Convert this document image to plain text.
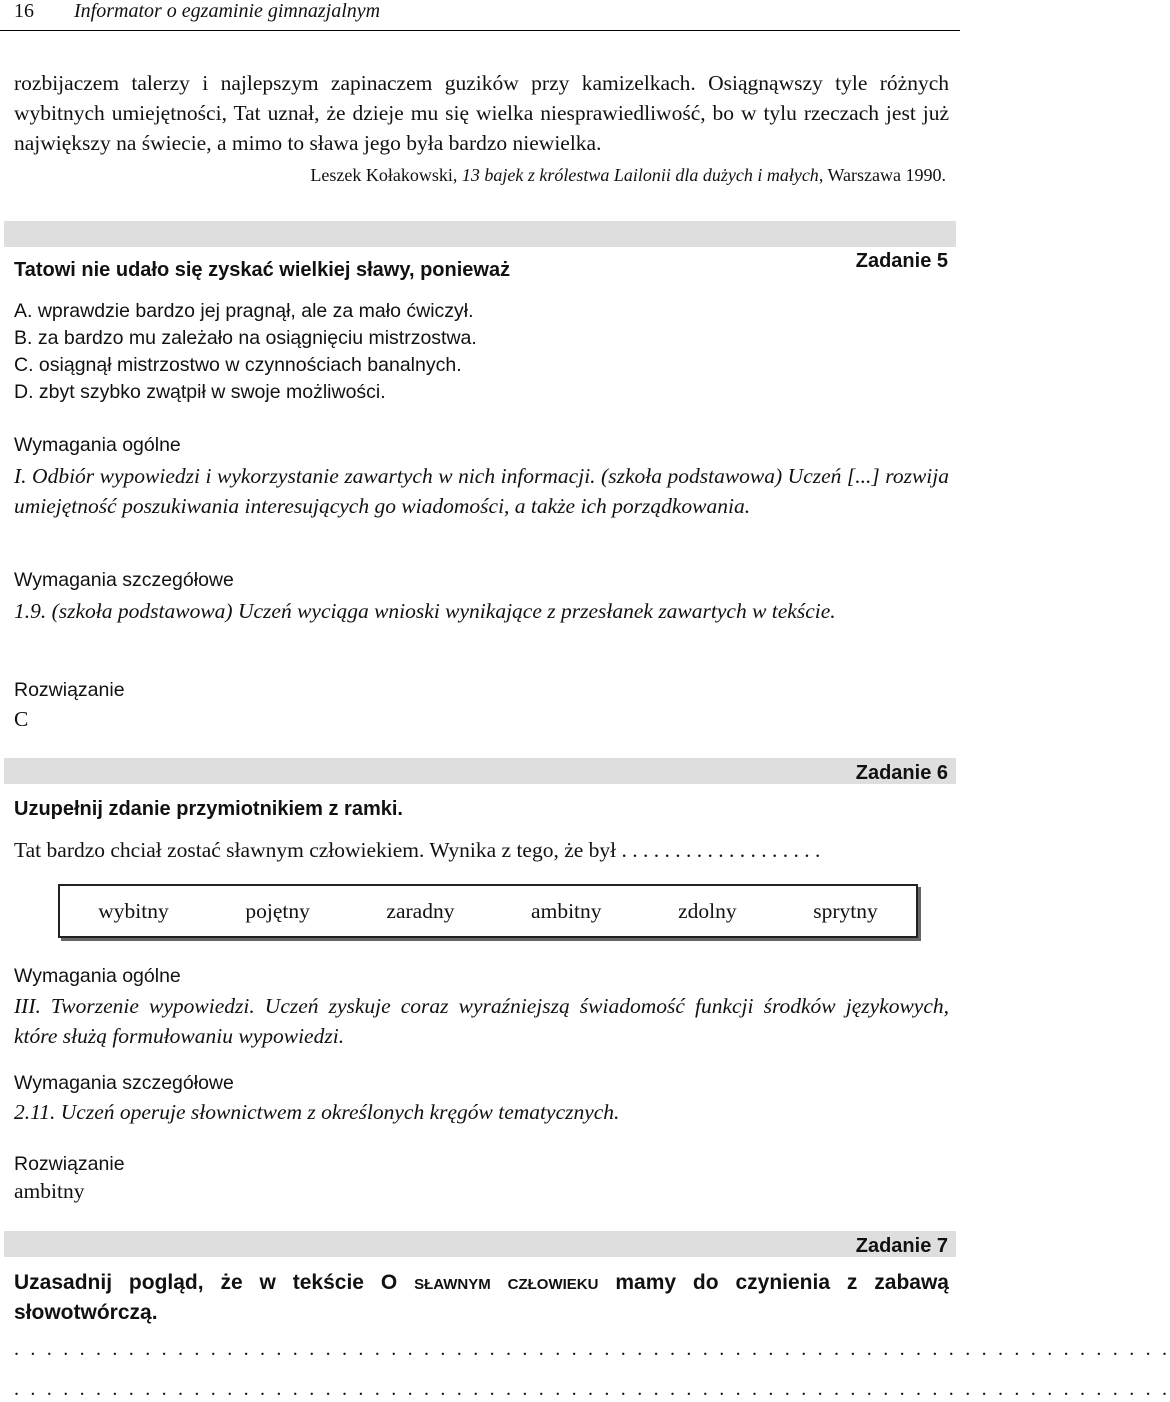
16 Informator o egzaminie gimnazjalnym
rozbijaczem talerzy i najlepszym zapinaczem guzików przy kamizelkach. Osiągnąwszy tyle różnych wybitnych umiejętności, Tat uznał, że dzieje mu się wielka niesprawiedliwość, bo w tylu rzeczach jest już największy na świecie, a mimo to sława jego była bardzo niewielka.
Leszek Kołakowski, 13 bajek z królestwa Lailonii dla dużych i małych, Warszawa 1990.
Zadanie 5
Tatowi nie udało się zyskać wielkiej sławy, ponieważ
A. wprawdzie bardzo jej pragnął, ale za mało ćwiczył.
B. za bardzo mu zależało na osiągnięciu mistrzostwa.
C. osiągnął mistrzostwo w czynnościach banalnych.
D. zbyt szybko zwątpił w swoje możliwości.
Wymagania ogólne
I. Odbiór wypowiedzi i wykorzystanie zawartych w nich informacji. (szkoła podstawowa) Uczeń [...] rozwija umiejętność poszukiwania interesujących go wiadomości, a także ich porządkowania.
Wymagania szczegółowe
1.9. (szkoła podstawowa) Uczeń wyciąga wnioski wynikające z przesłanek zawartych w tekście.
Rozwiązanie
C
Zadanie 6
Uzupełnij zdanie przymiotnikiem z ramki.
Tat bardzo chciał zostać sławnym człowiekiem. Wynika z tego, że był . . . . . . . . . . . . . . . . . . .
wybitny	pojętny	zaradny	ambitny	zdolny	sprytny
Wymagania ogólne
III. Tworzenie wypowiedzi. Uczeń zyskuje coraz wyraźniejszą świadomość funkcji środków językowych, które służą formułowaniu wypowiedzi.
Wymagania szczegółowe
2.11. Uczeń operuje słownictwem z określonych kręgów tematycznych.
Rozwiązanie
ambitny
Zadanie 7
Uzasadnij pogląd, że w tekście O sławnym człowieku mamy do czynienia z zabawą słowotwórczą.
. . . . . . . . . . . . . . . . . . . . . . . . . . . . . . . . . . . . . . . . . . . . . . . . . . . . . . . . . . . . . . . . . . . . . . .
. . . . . . . . . . . . . . . . . . . . . . . . . . . . . . . . . . . . . . . . . . . . . . . . . . . . . . . . . . . . . . . . . . . . . . .
